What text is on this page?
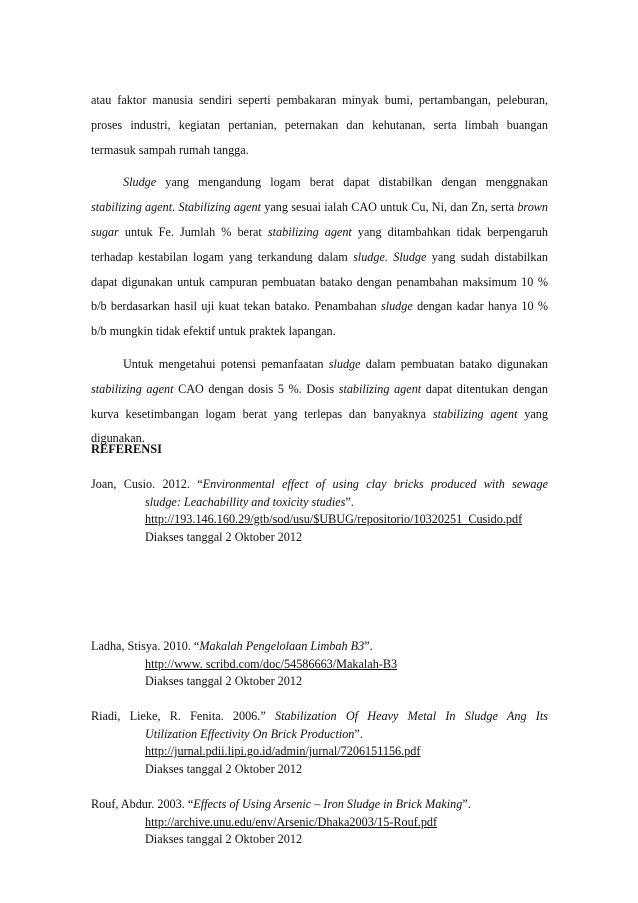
atau faktor manusia sendiri seperti pembakaran minyak bumi, pertambangan, peleburan, proses industri, kegiatan pertanian, peternakan dan kehutanan, serta limbah buangan termasuk sampah rumah tangga.

Sludge yang mengandung logam berat dapat distabilkan dengan menggnakan stabilizing agent. Stabilizing agent yang sesuai ialah CAO untuk Cu, Ni, dan Zn, serta brown sugar untuk Fe. Jumlah % berat stabilizing agent yang ditambahkan tidak berpengaruh terhadap kestabilan logam yang terkandung dalam sludge. Sludge yang sudah distabilkan dapat digunakan untuk campuran pembuatan batako dengan penambahan maksimum 10 % b/b berdasarkan hasil uji kuat tekan batako. Penambahan sludge dengan kadar hanya 10 % b/b mungkin tidak efektif untuk praktek lapangan.

Untuk mengetahui potensi pemanfaatan sludge dalam pembuatan batako digunakan stabilizing agent CAO dengan dosis 5 %. Dosis stabilizing agent dapat ditentukan dengan kurva kesetimbangan logam berat yang terlepas dan banyaknya stabilizing agent yang digunakan.

REFERENSI

Joan, Cusio. 2012. “Environmental effect of using clay bricks produced with sewage
sludge: Leachabillity and toxicity studies”.
http://193.146.160.29/gtb/sod/usu/$UBUG/repositorio/10320251_Cusido.pdf
Diakses tanggal 2 Oktober 2012
Ladha, Stisya. 2010. “Makalah Pengelolaan Limbah B3”.
http://www. scribd.com/doc/54586663/Makalah-B3
Diakses tanggal 2 Oktober 2012
Riadi, Lieke, R. Fenita. 2006.” Stabilization Of Heavy Metal In Sludge Ang Its
Utilization Effectivity On Brick Production”.
http://jurnal.pdii.lipi.go.id/admin/jurnal/7206151156.pdf
Diakses tanggal 2 Oktober 2012
Rouf, Abdur. 2003. “Effects of Using Arsenic – Iron Sludge in Brick Making”.
http://archive.unu.edu/env/Arsenic/Dhaka2003/15-Rouf.pdf
Diakses tanggal 2 Oktober 2012
